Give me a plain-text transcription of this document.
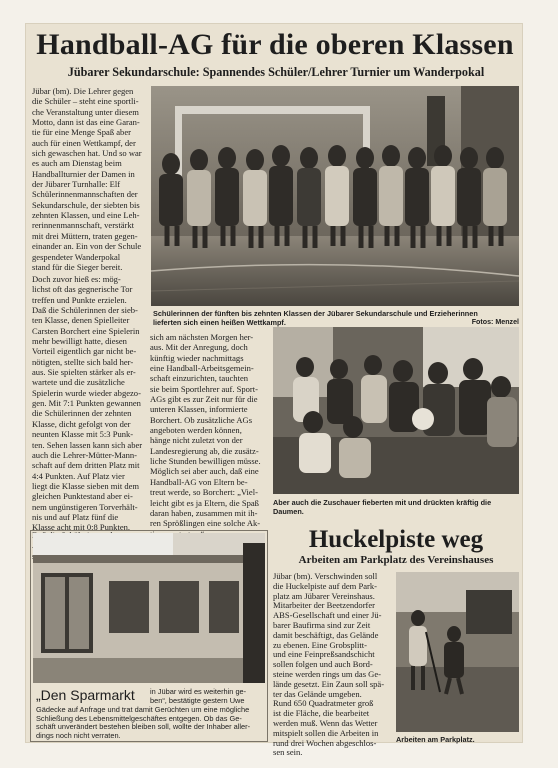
Handball-AG für die oberen Klassen
Jübarer Sekundarschule: Spannendes Schüler/Lehrer Turnier um Wanderpokal
Jübar (bm). Die Lehrer gegen
die Schüler – steht eine sportli-
che Veranstaltung unter diesem
Motto, dann ist das eine Garan-
tie für eine Menge Spaß aber
auch für einen Wettkampf, der
sich gewaschen hat. Und so war
es auch am Dienstag beim
Handballturnier der Damen in
der Jübarer Turnhalle: Elf
Schülerinnenmannschaften der
Sekundarschule, der siebten bis
zehnten Klassen, und eine Leh-
rerinnenmannschaft, verstärkt
mit drei Müttern, traten gegen-
einander an. Ein von der Schule
gespendeter Wanderpokal
stand für die Sieger bereit.
Doch zuvor hieß es: mög-
lichst oft das gegnerische Tor
treffen und Punkte erzielen.
Daß die Schülerinnen der sieb-
ten Klasse, denen Spielleiter
Carsten Borchert eine Spielerin
mehr bewilligt hatte, diesen
Vorteil eigentlich gar nicht be-
nötigten, stellte sich bald her-
aus. Sie spielten stärker als er-
wartete und die zusätzliche
Spielerin wurde wieder abgezo-
gen. Mit 7:1 Punkten gewannen
die Schülerinnen der zehnten
Klasse, dicht gefolgt von der
neunten Klasse mit 5:3 Punk-
ten. Sehen lassen kann sich aber
auch die Lehrer-Mütter-Mann-
schaft auf dem dritten Platz mit
4:4 Punkten. Auf Platz vier
liegt die Klasse sieben mit dem
gleichen Punktestand aber ei-
nem ungünstigeren Torverhält-
nis und auf Platz fünf die
Klasse acht mit 0:8 Punkten.
Schülerinnen der fünften bis zehnten Klassen der Jübarer Sekundarschule und Erzieherinnen
lieferten sich einen heißen Wettkampf.	Fotos: Menzel
sich am nächsten Morgen her-
aus. Mit der Anregung, doch
künftig wieder nachmittags
eine Handball-Arbeitsgemein-
schaft einzurichten, tauchten
sie beim Sportlehrer auf. Sport-
AGs gibt es zur Zeit nur für die
unteren Klassen, informierte
Borchert. Ob zusätzliche AGs
angeboten werden können,
hänge nicht zuletzt von der
Landesregierung ab, die zusätz-
liche Stunden bewilligen müsse.
Möglich sei aber auch, daß eine
Handball-AG von Eltern be-
treut werde, so Borchert: „Viel-
leicht gibt es ja Eltern, die Spaß
daran haben, zusammen mit ih-
ren Sprößlingen eine solche Ak-

Aber auch die Zuschauer fieberten mit und drückten kräftig die
Daumen.
Huckelpiste weg
Arbeiten am Parkplatz des Vereinshauses
Jübar (bm). Verschwinden soll
die Huckelpiste auf dem Park-
platz am Jübarer Vereinshaus.
Mitarbeiter der Beetzendorfer
ABS-Gesellschaft und einer Jü-
barer Baufirma sind zur Zeit
damit beschäftigt, das Gelände
zu ebenen. Eine Grobsplitt-
und eine Feinpreßsandschicht
sollen folgen und auch Bord-
steine werden rings um das Ge-
lände gesetzt. Ein Zaun soll spä-
ter das Gelände umgeben.
Rund 650 Quadratmeter groß
ist die Fläche, die bearbeitet
werden muß. Wenn das Wetter
mitspielt sollen die Arbeiten in
rund drei Wochen abgeschlos-
sen sein.
Arbeiten am Parkplatz.
„Den Sparmarkt	in Jübar wird es weiterhin ge-
ben“, bestätigte gestern Uwe
Gädecke auf Anfrage und trat damit Gerüchten um eine mögliche
Schließung des Lebensmittelgeschäftes entgegen. Ob das Ge-
schäft unverändert bestehen bleiben soll, wollte der Inhaber aller-
dings noch nicht verraten.
